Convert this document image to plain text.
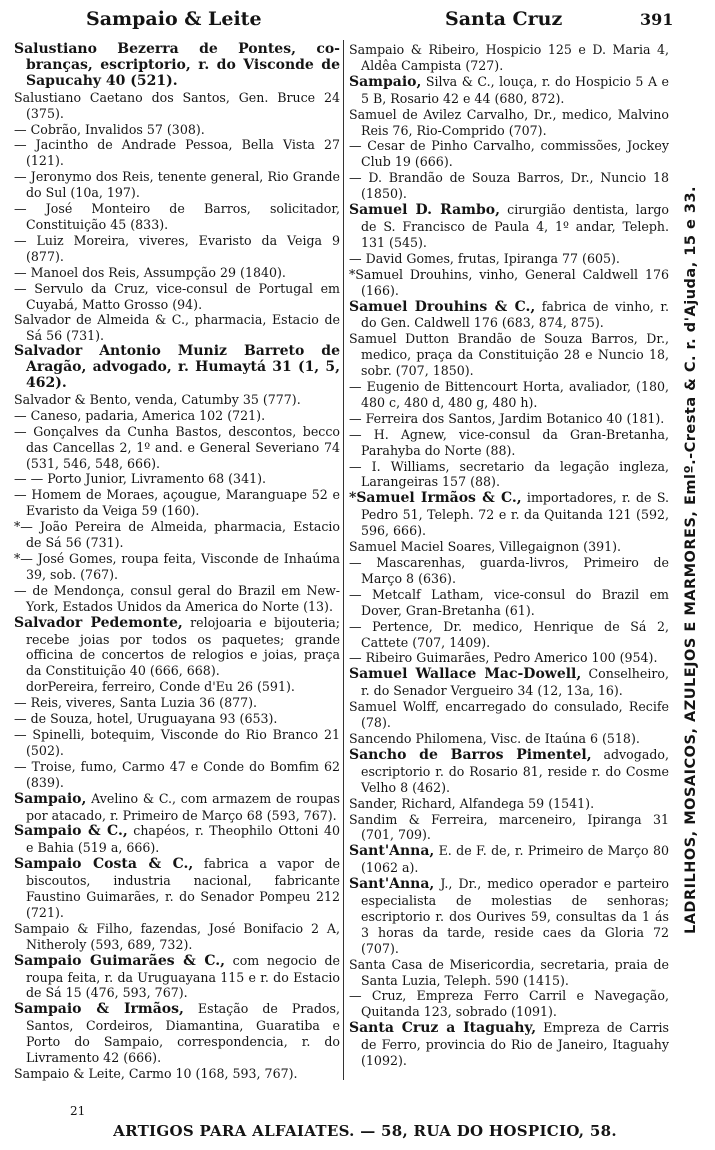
Sampaio & Leite	Santa Cruz	391

Salustiano Bezerra de Pontes, co-branças, escriptorio, r. do Visconde de Sapucahy 40 (521).

Salustiano Caetano dos Santos, Gen. Bruce 24 (375).

— Cobrão, Invalidos 57 (308).

— Jacintho de Andrade Pessoa, Bella Vista 27 (121).

— Jeronymo dos Reis, tenente general, Rio Grande do Sul (10a, 197).

— José Monteiro de Barros, solicitador, Constituição 45 (833).

— Luiz Moreira, viveres, Evaristo da Veiga 9 (877).

— Manoel dos Reis, Assumpção 29 (1840).

— Servulo da Cruz, vice-consul de Portugal em Cuyabá, Matto Grosso (94).

Salvador de Almeida & C., pharmacia, Estacio de Sá 56 (731).

Salvador Antonio Muniz Barreto de Aragão, advogado, r. Humaytá 31 (1, 5, 462).

Salvador & Bento, venda, Catumby 35 (777).

— Caneso, padaria, America 102 (721).

— Gonçalves da Cunha Bastos, descontos, becco das Cancellas 2, 1º and. e General Severiano 74 (531, 546, 548, 666).

— — Porto Junior, Livramento 68 (341).

— Homem de Moraes, açougue, Maranguape 52 e Evaristo da Veiga 59 (160).

*— João Pereira de Almeida, pharmacia, Estacio de Sá 56 (731).

*— José Gomes, roupa feita, Visconde de Inhaúma 39, sob. (767).

— de Mendonça, consul geral do Brazil em New-York, Estados Unidos da America do Norte (13).

Salvador Pedemonte, relojoaria e bijouteria; recebe joias por todos os paquetes; grande officina de concertos de relogios e joias, praça da Constituição 40 (666, 668).

dorPereira, ferreiro, Conde d'Eu 26 (591).

— Reis, viveres, Santa Luzia 36 (877).

— de Souza, hotel, Uruguayana 93 (653).

— Spinelli, botequim, Visconde do Rio Branco 21 (502).

— Troise, fumo, Carmo 47 e Conde do Bomfim 62 (839).

Sampaio, Avelino & C., com armazem de roupas por atacado, r. Primeiro de Março 68 (593, 767).

Sampaio & C., chapéos, r. Theophilo Ottoni 40 e Bahia (519 a, 666).

Sampaio Costa & C., fabrica a vapor de biscoutos, industria nacional, fabricante Faustino Guimarães, r. do Senador Pompeu 212 (721).

Sampaio & Filho, fazendas, José Bonifacio 2 A, Nitheroly (593, 689, 732).

Sampaio Guimarães & C., com negocio de roupa feita, r. da Uruguayana 115 e r. do Estacio de Sá 15 (476, 593, 767).

Sampaio & Irmãos, Estação de Prados, Santos, Cordeiros, Diamantina, Guaratiba e Porto do Sampaio, correspondencia, r. do Livramento 42 (666).

Sampaio & Leite, Carmo 10 (168, 593, 767).

Sampaio & Ribeiro, Hospicio 125 e D. Maria 4, Aldêa Campista (727).

Sampaio, Silva & C., louça, r. do Hospicio 5 A e 5 B, Rosario 42 e 44 (680, 872).

Samuel de Avilez Carvalho, Dr., medico, Malvino Reis 76, Rio-Comprido (707).

— Cesar de Pinho Carvalho, commissões, Jockey Club 19 (666).

— D. Brandão de Souza Barros, Dr., Nuncio 18 (1850).

Samuel D. Rambo, cirurgião dentista, largo de S. Francisco de Paula 4, 1º andar, Teleph. 131 (545).

— David Gomes, frutas, Ipiranga 77 (605).

*Samuel Drouhins, vinho, General Caldwell 176 (166).

Samuel Drouhins & C., fabrica de vinho, r. do Gen. Caldwell 176 (683, 874, 875).

Samuel Dutton Brandão de Souza Barros, Dr., medico, praça da Constituição 28 e Nuncio 18, sobr. (707, 1850).

— Eugenio de Bittencourt Horta, avaliador, (180, 480 c, 480 d, 480 g, 480 h).

— Ferreira dos Santos, Jardim Botanico 40 (181).

— H. Agnew, vice-consul da Gran-Bretanha, Parahyba do Norte (88).

— I. Williams, secretario da legação ingleza, Larangeiras 157 (88).

*Samuel Irmãos & C., importadores, r. de S. Pedro 51, Teleph. 72 e r. da Quitanda 121 (592, 596, 666).

Samuel Maciel Soares, Villegaignon (391).

— Mascarenhas, guarda-livros, Primeiro de Março 8 (636).

— Metcalf Latham, vice-consul do Brazil em Dover, Gran-Bretanha (61).

— Pertence, Dr. medico, Henrique de Sá 2, Cattete (707, 1409).

— Ribeiro Guimarães, Pedro Americo 100 (954).

Samuel Wallace Mac-Dowell, Conselheiro, r. do Senador Vergueiro 34 (12, 13a, 16).

Samuel Wolff, encarregado do consulado, Recife (78).

Sancendo Philomena, Visc. de Itaúna 6 (518).

Sancho de Barros Pimentel, advogado, escriptorio r. do Rosario 81, reside r. do Cosme Velho 8 (462).

Sander, Richard, Alfandega 59 (1541).

Sandim & Ferreira, marceneiro, Ipiranga 31 (701, 709).

Sant'Anna, E. de F. de, r. Primeiro de Março 80 (1062 a).

Sant'Anna, J., Dr., medico operador e parteiro especialista de molestias de senhoras; escriptorio r. dos Ourives 59, consultas da 1 ás 3 horas da tarde, reside caes da Gloria 72 (707).

Santa Casa de Misericordia, secretaria, praia de Santa Luzia, Teleph. 590 (1415).

— Cruz, Empreza Ferro Carril e Navegação, Quitanda 123, sobrado (1091).

Santa Cruz a Itaguahy, Empreza de Carris de Ferro, provincia do Rio de Janeiro, Itaguahy (1092).

LADRILHOS, MOSAICOS, AZULEJOS E MARMORES, Emlº.-Cresta & C. r. d'Ajuda, 15 e 33.
21
ARTIGOS PARA ALFAIATES. — 58, RUA DO HOSPICIO, 58.
